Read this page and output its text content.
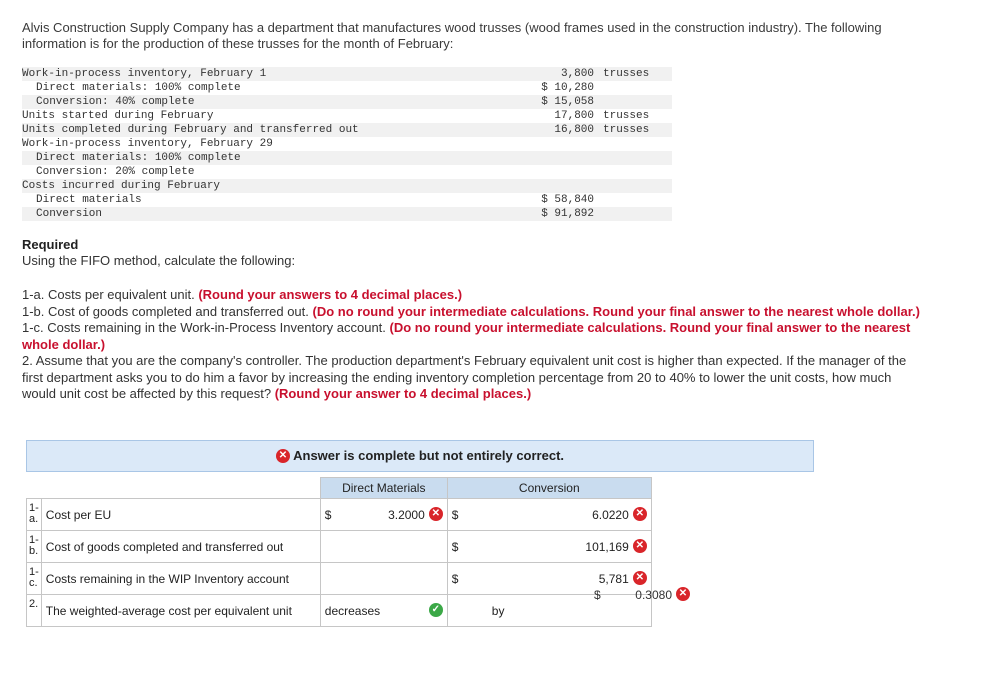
Alvis Construction Supply Company has a department that manufactures wood trusses (wood frames used in the construction industry). The following information is for the production of these trusses for the month of February:
Work-in-process inventory, February 1	3,800	trusses
Direct materials: 100% complete	$ 10,280	
Conversion: 40% complete	$ 15,058	
Units started during February	17,800	trusses
Units completed during February and transferred out	16,800	trusses
Work-in-process inventory, February 29		
Direct materials: 100% complete		
Conversion: 20% complete		
Costs incurred during February		
Direct materials	$ 58,840	
Conversion	$ 91,892	
Required
Using the FIFO method, calculate the following:
1-a. Costs per equivalent unit. (Round your answers to 4 decimal places.)
1-b. Cost of goods completed and transferred out. (Do no round your intermediate calculations. Round your final answer to the nearest whole dollar.)
1-c. Costs remaining in the Work-in-Process Inventory account. (Do no round your intermediate calculations. Round your final answer to the nearest whole dollar.)
2. Assume that you are the company's controller. The production department's February equivalent unit cost is higher than expected. If the manager of the first department asks you to do him a favor by increasing the ending inventory completion percentage from 20 to 40% to lower the unit costs, how much would unit cost be affected by this request? (Round your answer to 4 decimal places.)
✕ Answer is complete but not entirely correct.
		Direct Materials	Conversion
1-a.	Cost per EU	$ 3.2000 ✕	$ 6.0220 ✕

1-b.	Cost of goods completed and transferred out		$ 101,169 ✕

1-c.	Costs remaining in the WIP Inventory account		$ 5,781 ✕

2.	The weighted-average cost per equivalent unit	decreases ✓	by
$	0.3080 ✕
